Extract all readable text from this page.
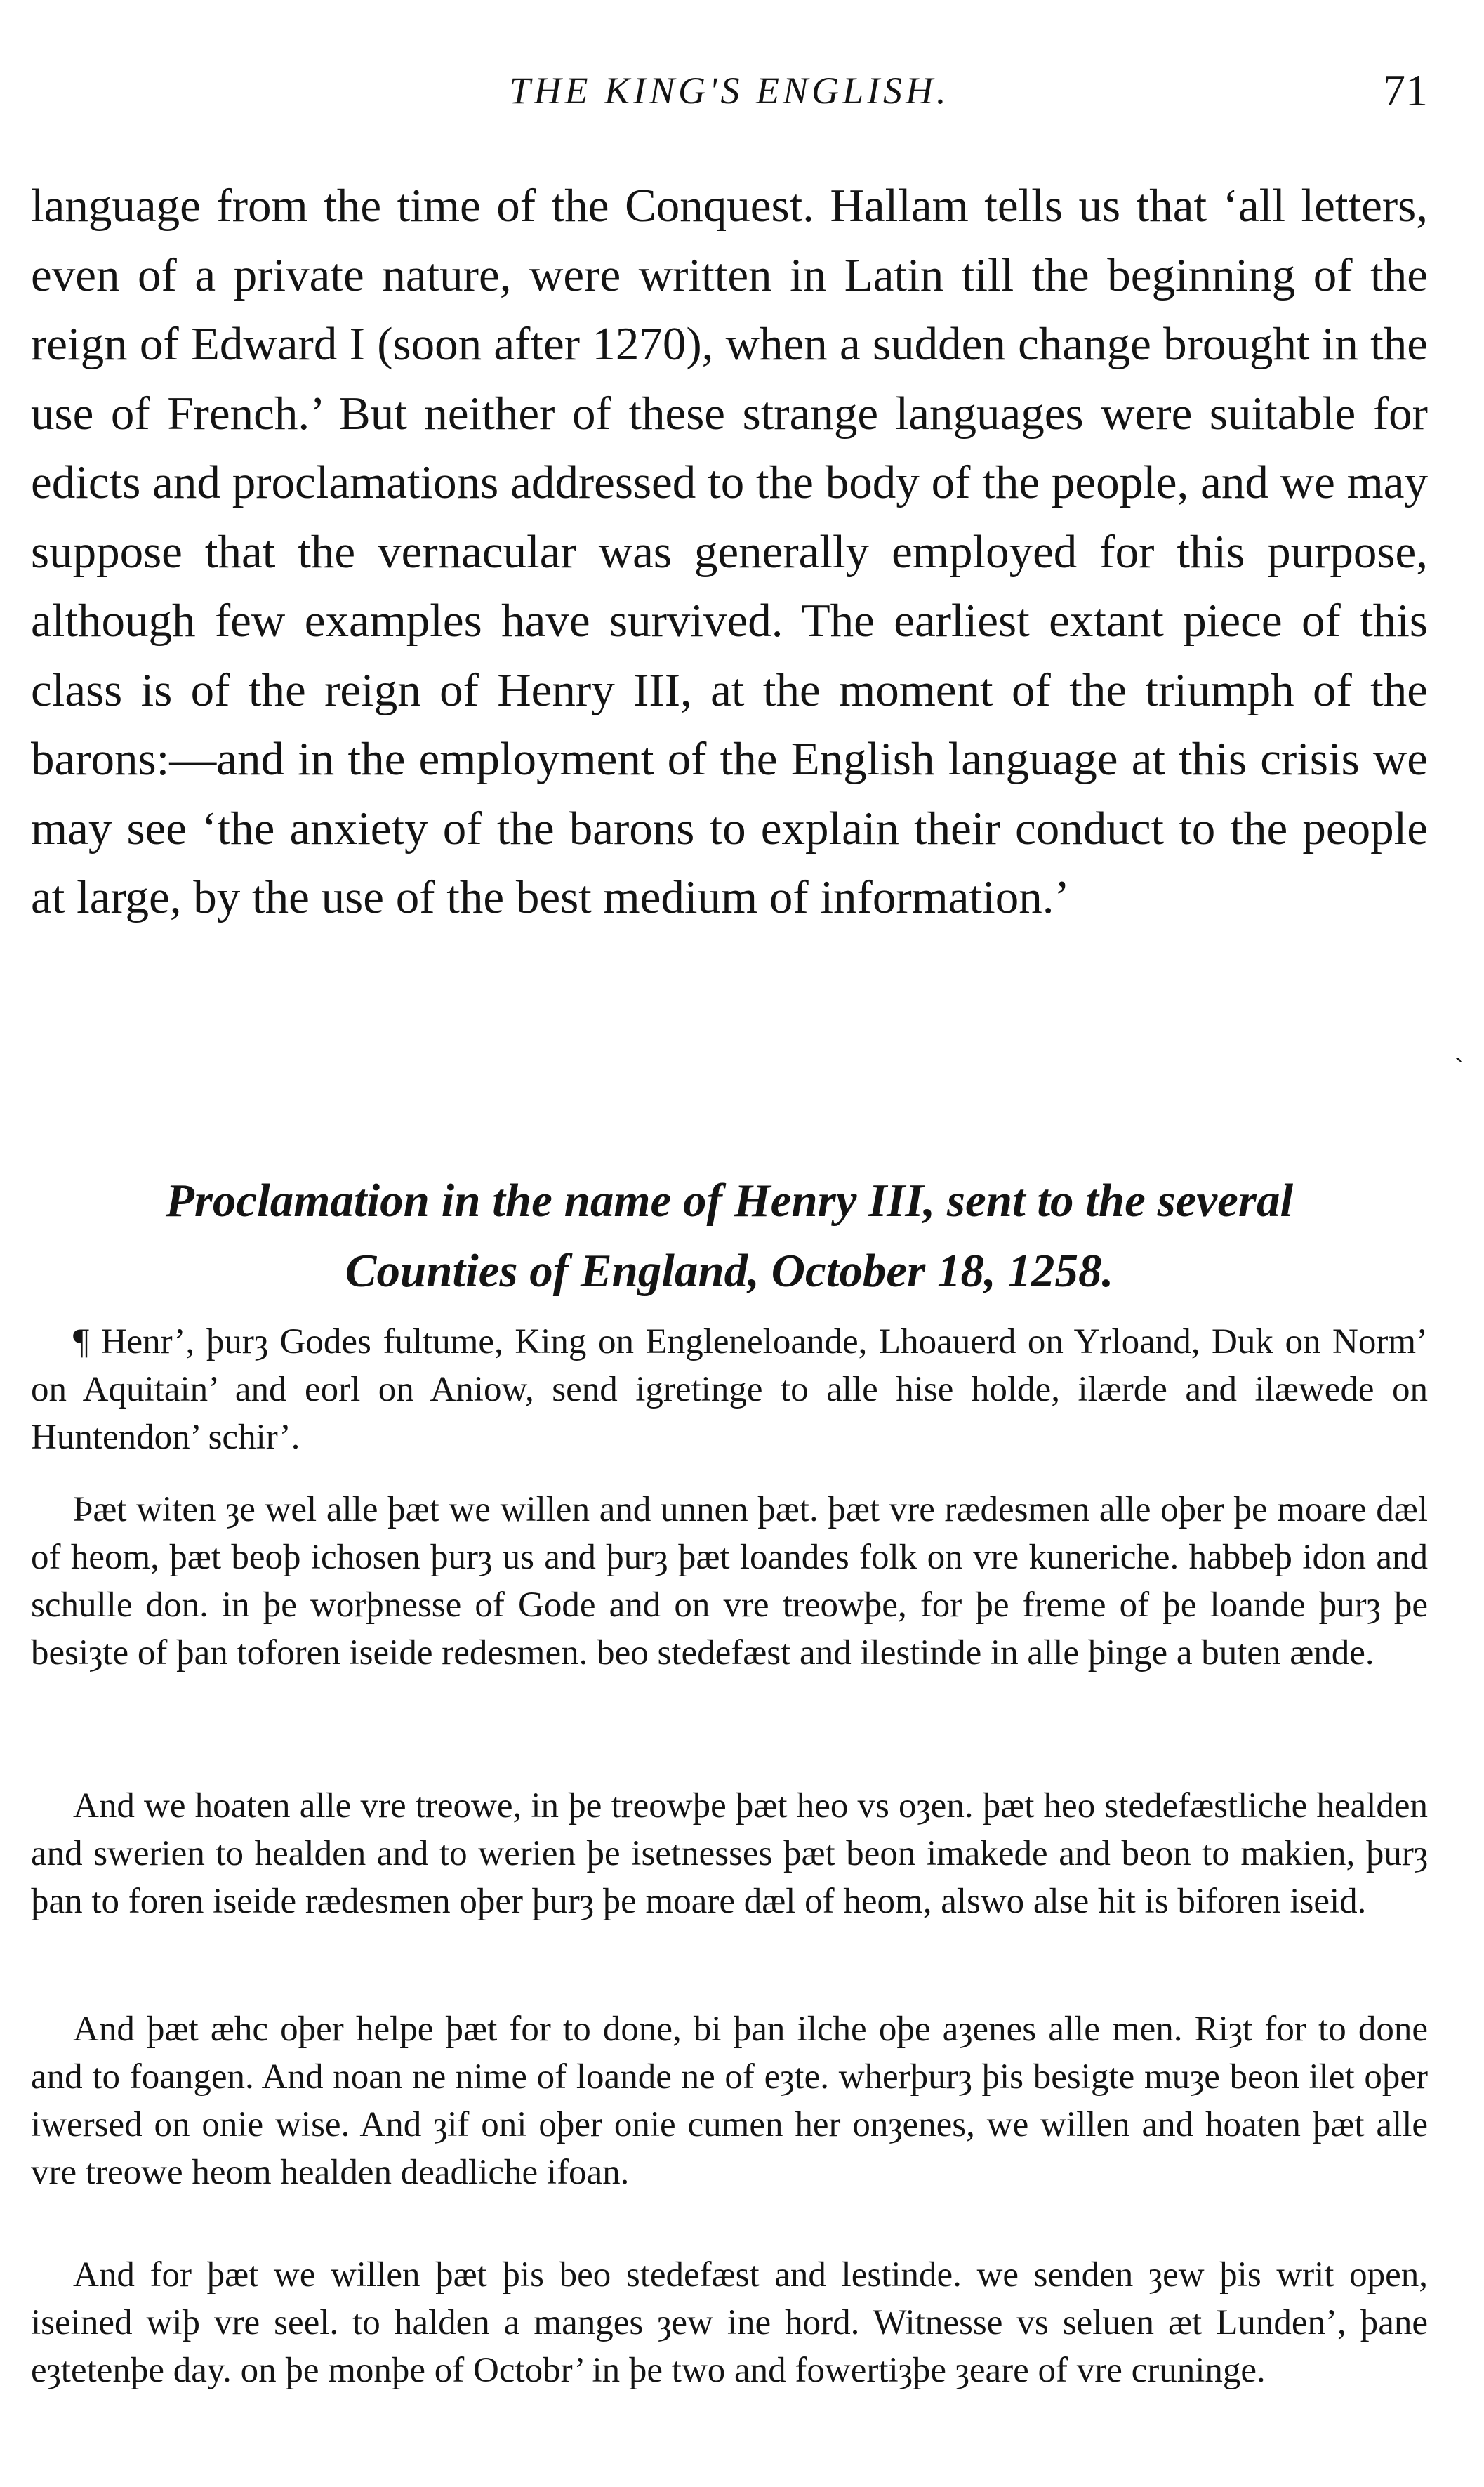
THE KING'S ENGLISH.	71

language from the time of the Conquest. Hallam tells us that ‘all letters, even of a private nature, were written in Latin till the beginning of the reign of Edward I (soon after 1270), when a sudden change brought in the use of French.’ But neither of these strange languages were suitable for edicts and proclamations addressed to the body of the people, and we may suppose that the vernacular was generally employed for this purpose, although few examples have survived. The earliest extant piece of this class is of the reign of Henry III, at the moment of the triumph of the barons:—and in the employment of the English language at this crisis we may see ‘the anxiety of the barons to explain their conduct to the people at large, by the use of the best medium of information.’

ˋ
Proclamation in the name of Henry III, sent to the several
Counties of England, October 18, 1258.

¶ Henr’, þurȝ Godes fultume, King on Engleneloande, Lhoauerd on Yrloand, Duk on Norm’ on Aquitain’ and eorl on Aniow, send igretinge to alle hise holde, ilærde and ilæwede on Huntendon’ schir’.

Þæt witen ȝe wel alle þæt we willen and unnen þæt. þæt vre rædesmen alle oþer þe moare dæl of heom, þæt beoþ ichosen þurȝ us and þurȝ þæt loandes folk on vre kuneriche. habbeþ idon and schulle don. in þe worþnesse of Gode and on vre treowþe, for þe freme of þe loande þurȝ þe besiȝte of þan toforen iseide redesmen. beo stedefæst and ilestinde in alle þinge a buten ænde.

And we hoaten alle vre treowe, in þe treowþe þæt heo vs oȝen. þæt heo stedefæstliche healden and swerien to healden and to werien þe isetnesses þæt beon imakede and beon to makien, þurȝ þan to foren iseide rædesmen oþer þurȝ þe moare dæl of heom, alswo alse hit is biforen iseid.

And þæt æhc oþer helpe þæt for to done, bi þan ilche oþe aȝenes alle men. Riȝt for to done and to foangen. And noan ne nime of loande ne of eȝte. wherþurȝ þis besigte muȝe beon ilet oþer iwersed on onie wise. And ȝif oni oþer onie cumen her onȝenes, we willen and hoaten þæt alle vre treowe heom healden deadliche ifoan.

And for þæt we willen þæt þis beo stedefæst and lestinde. we senden ȝew þis writ open, iseined wiþ vre seel. to halden a manges ȝew ine hord. Witnesse vs seluen æt Lunden’, þane eȝtetenþe day. on þe monþe of Octobr’ in þe two and fowertiȝþe ȝeare of vre cruninge.
